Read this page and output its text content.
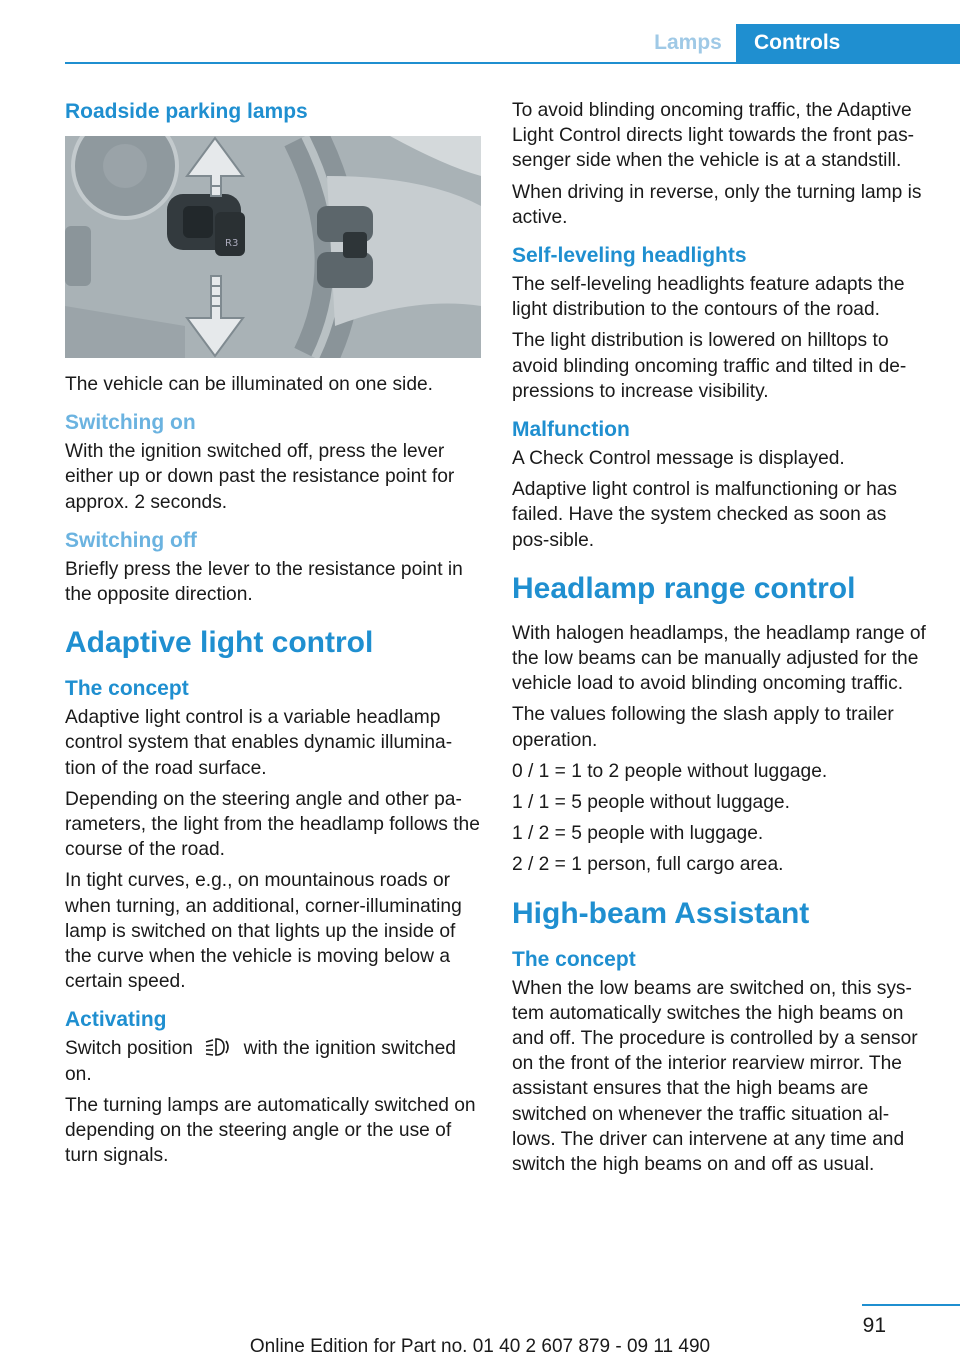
Lamps	Controls
Roadside parking lamps
R3

The vehicle can be illuminated on one side.

Switching on

With the ignition switched off, press the lever either up or down past the resistance point for approx. 2 seconds.

Switching off

Briefly press the lever to the resistance point in the opposite direction.

Adaptive light control
The concept

Adaptive light control is a variable headlamp control system that enables dynamic illumina‐tion of the road surface.

Depending on the steering angle and other pa‐rameters, the light from the headlamp follows the course of the road.

In tight curves, e.g., on mountainous roads or when turning, an additional, corner-illuminating lamp is switched on that lights up the inside of the curve when the vehicle is moving below a certain speed.

Activating

Switch position	with the ignition switched on.

The turning lamps are automatically switched on depending on the steering angle or the use of turn signals.

To avoid blinding oncoming traffic, the Adaptive Light Control directs light towards the front pas‐senger side when the vehicle is at a standstill.

When driving in reverse, only the turning lamp is active.

Self-leveling headlights

The self-leveling headlights feature adapts the light distribution to the contours of the road.

The light distribution is lowered on hilltops to avoid blinding oncoming traffic and tilted in de‐pressions to increase visibility.

Malfunction

A Check Control message is displayed.

Adaptive light control is malfunctioning or has failed. Have the system checked as soon as pos‐sible.

Headlamp range control

With halogen headlamps, the headlamp range of the low beams can be manually adjusted for the vehicle load to avoid blinding oncoming traffic.

The values following the slash apply to trailer operation.

0 / 1 = 1 to 2 people without luggage.

1 / 1 = 5 people without luggage.

1 / 2 = 5 people with luggage.

2 / 2 = 1 person, full cargo area.

High-beam Assistant
The concept

When the low beams are switched on, this sys‐tem automatically switches the high beams on and off. The procedure is controlled by a sensor on the front of the interior rearview mirror. The assistant ensures that the high beams are switched on whenever the traffic situation al‐lows. The driver can intervene at any time and switch the high beams on and off as usual.

91
Online Edition for Part no. 01 40 2 607 879 - 09 11 490
